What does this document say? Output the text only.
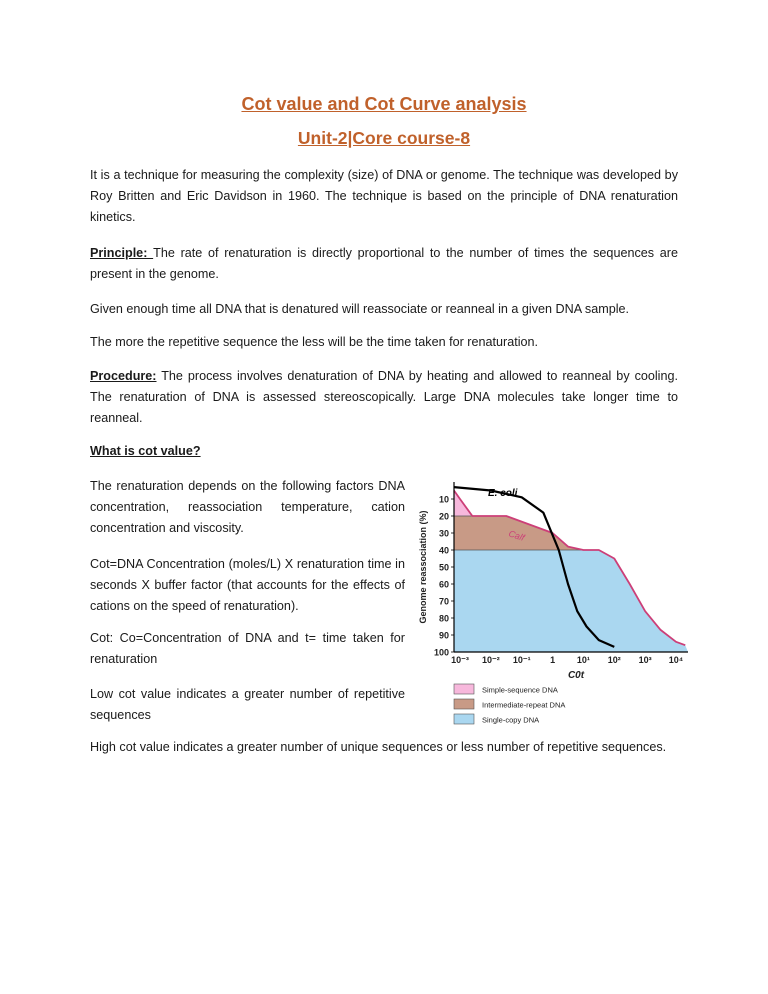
Cot value and Cot Curve analysis
Unit-2|Core course-8

It is a technique for measuring the complexity (size) of DNA or genome. The technique was developed by Roy Britten and Eric Davidson in 1960. The technique is based on the principle of DNA renaturation kinetics.

Principle: The rate of renaturation is directly proportional to the number of times the sequences are present in the genome.

Given enough time all DNA that is denatured will reassociate or reanneal in a given DNA sample.

The more the repetitive sequence the less will be the time taken for renaturation.

Procedure: The process involves denaturation of DNA by heating and allowed to reanneal by cooling. The renaturation of DNA is assessed stereoscopically. Large DNA molecules take longer time to reanneal.

What is cot value?

The renaturation depends on the following factors DNA concentration, reassociation temperature, cation concentration and viscosity.

Cot=DNA Concentration (moles/L) X renaturation time in seconds X buffer factor (that accounts for the effects of cations on the speed of renaturation).

Cot: Co=Concentration of DNA and t= time taken for renaturation

Low cot value indicates a greater number of repetitive sequences

High cot value indicates a greater number of unique sequences or less number of repetitive sequences.

10
20
30
40
50
60
70
80
90
100
10⁻³ 10⁻² 10⁻¹ 1 10¹ 10² 10³ 10⁴
C0t
Genome reassociation (%)
E. coli
Calf
Simple-sequence DNA
Intermediate-repeat DNA
Single-copy DNA
